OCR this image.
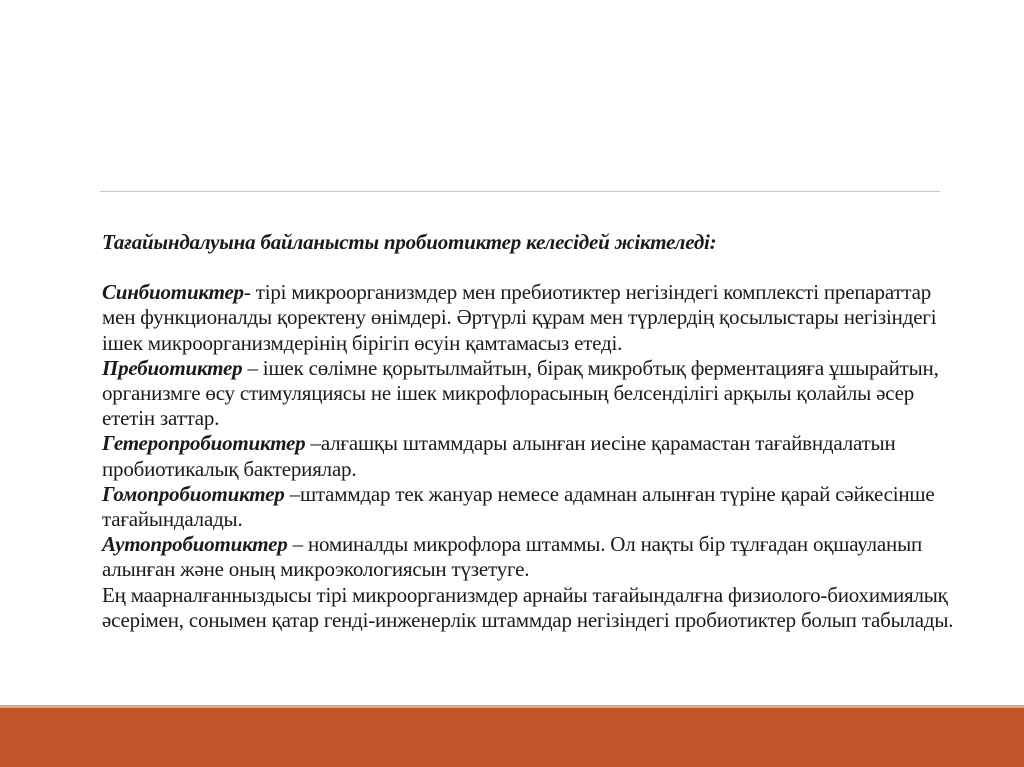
Тағайындалуына байланысты пробиотиктер келесідей жіктеледі:

Синбиотиктер- тірі микроорганизмдер мен пребиотиктер негізіндегі комплексті препараттар мен функционалды қоректену өнімдері. Әртүрлі құрам мен түрлердің қосылыстары негізіндегі ішек микроорганизмдерінің бірігіп өсуін қамтамасыз етеді.

Пребиотиктер – ішек сөлімне қорытылмайтын, бірақ микробтық ферментацияға ұшырайтын, организмге өсу стимуляциясы не ішек микрофлорасының белсенділігі арқылы қолайлы әсер ететін заттар.

Гетеропробиотиктер –алғашқы штаммдары алынған иесіне қарамастан тағайвндалатын пробиотикалық бактериялар.

Гомопробиотиктер –штаммдар тек жануар немесе адамнан алынған түріне қарай сәйкесінше тағайындалады.

Аутопробиотиктер – номиналды микрофлора штаммы. Ол нақты бір тұлғадан оқшауланып алынған және оның микроэкологиясын түзетуге.

Ең маарналғанныздысы тірі микроорганизмдер арнайы тағайындалғна физиолого-биохимиялық әсерімен, сонымен қатар генді-инженерлік штаммдар негізіндегі пробиотиктер болып табылады.
